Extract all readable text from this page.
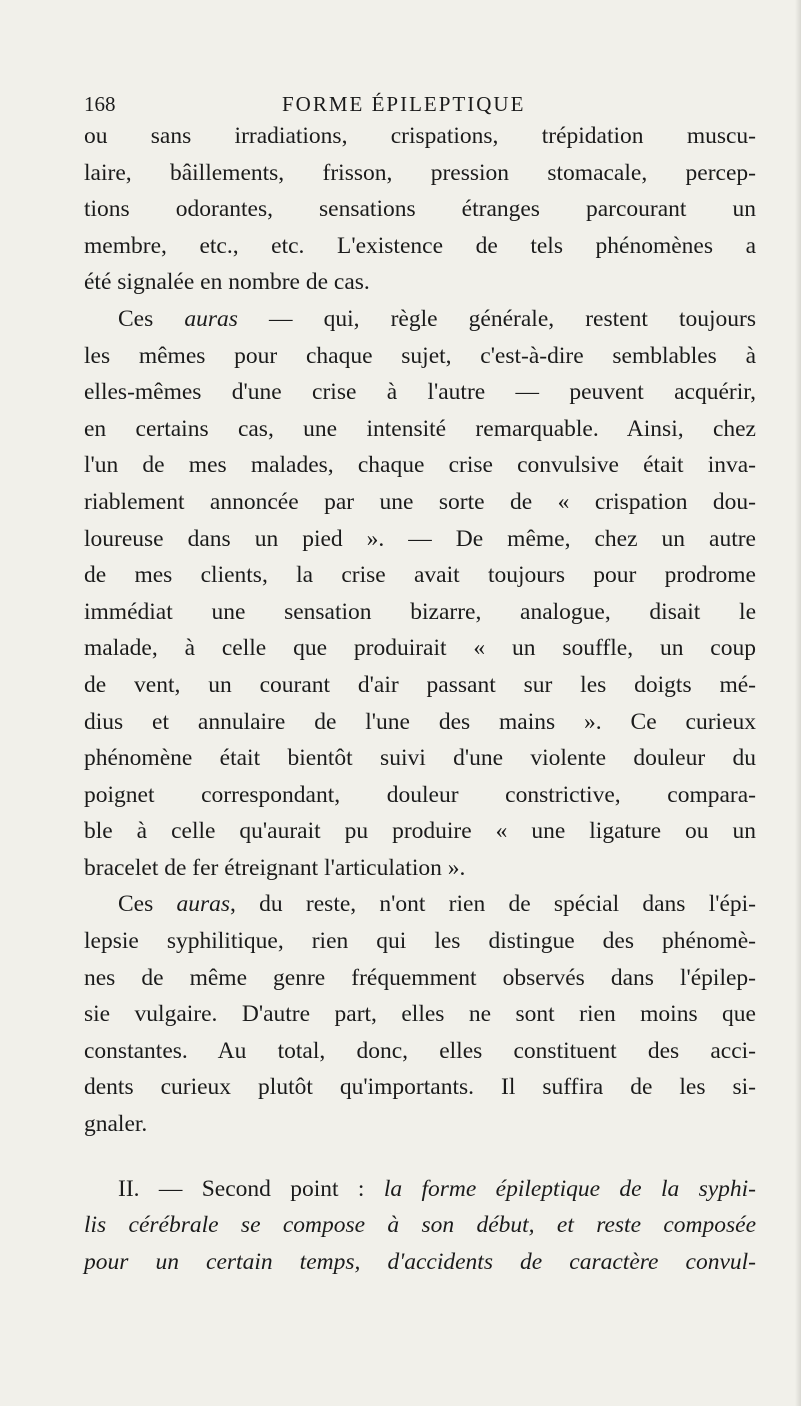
168	FORME ÉPILEPTIQUE
ou sans irradiations, crispations, trépidation muscu-
laire, bâillements, frisson, pression stomacale, percep-
tions odorantes, sensations étranges parcourant un
membre, etc., etc. L'existence de tels phénomènes a
été signalée en nombre de cas.
Ces auras — qui, règle générale, restent toujours
les mêmes pour chaque sujet, c'est-à-dire semblables à
elles-mêmes d'une crise à l'autre — peuvent acquérir,
en certains cas, une intensité remarquable. Ainsi, chez
l'un de mes malades, chaque crise convulsive était inva-
riablement annoncée par une sorte de « crispation dou-
loureuse dans un pied ». — De même, chez un autre
de mes clients, la crise avait toujours pour prodrome
immédiat une sensation bizarre, analogue, disait le
malade, à celle que produirait « un souffle, un coup
de vent, un courant d'air passant sur les doigts mé-
dius et annulaire de l'une des mains ». Ce curieux
phénomène était bientôt suivi d'une violente douleur du
poignet correspondant, douleur constrictive, compara-
ble à celle qu'aurait pu produire « une ligature ou un
bracelet de fer étreignant l'articulation ».
Ces auras, du reste, n'ont rien de spécial dans l'épi-
lepsie syphilitique, rien qui les distingue des phénomè-
nes de même genre fréquemment observés dans l'épilep-
sie vulgaire. D'autre part, elles ne sont rien moins que
constantes. Au total, donc, elles constituent des acci-
dents curieux plutôt qu'importants. Il suffira de les si-
gnaler.
II. — Second point : la forme épileptique de la syphi-
lis cérébrale se compose à son début, et reste composée
pour un certain temps, d'accidents de caractère convul-
